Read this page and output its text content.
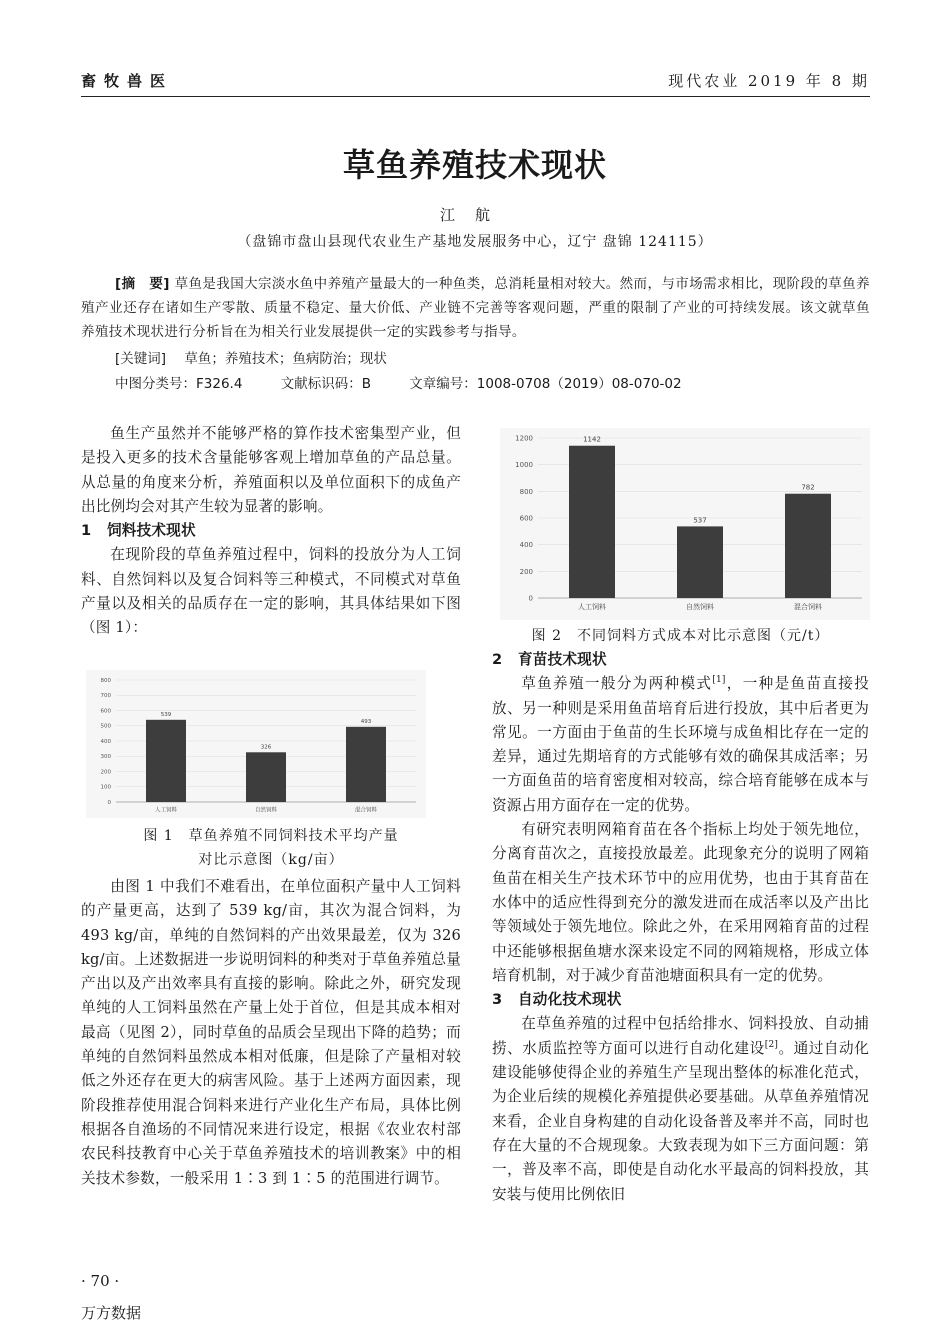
畜牧兽医	现代农业 2019 年 8 期
草鱼养殖技术现状
江航
（盘锦市盘山县现代农业生产基地发展服务中心，辽宁 盘锦 124115）
[摘　要] 草鱼是我国大宗淡水鱼中养殖产量最大的一种鱼类，总消耗量相对较大。然而，与市场需求相比，现阶段的草鱼养殖产业还存在诸如生产零散、质量不稳定、量大价低、产业链不完善等客观问题，严重的限制了产业的可持续发展。该文就草鱼养殖技术现状进行分析旨在为相关行业发展提供一定的实践参考与指导。
[关键词] 草鱼；养殖技术；鱼病防治；现状
中图分类号：F326.4	文献标识码：B	文章编号：1008-0708（2019）08-070-02

鱼生产虽然并不能够严格的算作技术密集型产业，但是投入更多的技术含量能够客观上增加草鱼的产品总量。从总量的角度来分析，养殖面积以及单位面积下的成鱼产出比例均会对其产生较为显著的影响。

1 饲料技术现状

在现阶段的草鱼养殖过程中，饲料的投放分为人工饲料、自然饲料以及复合饲料等三种模式，不同模式对草鱼产量以及相关的品质存在一定的影响，其具体结果如下图（图 1）：

800
700
600
500
400
300
200
100
0
539
326
493
人工饲料	自然饲料	混合饲料
图 1　草鱼养殖不同饲料技术平均产量
对比示意图（kg/亩）

由图 1 中我们不难看出，在单位面积产量中人工饲料的产量更高，达到了 539 kg/亩，其次为混合饲料，为 493 kg/亩，单纯的自然饲料的产出效果最差，仅为 326 kg/亩。上述数据进一步说明饲料的种类对于草鱼养殖总量产出以及产出效率具有直接的影响。除此之外，研究发现单纯的人工饲料虽然在产量上处于首位，但是其成本相对最高（见图 2），同时草鱼的品质会呈现出下降的趋势；而单纯的自然饲料虽然成本相对低廉，但是除了产量相对较低之外还存在更大的病害风险。基于上述两方面因素，现阶段推荐使用混合饲料来进行产业化生产布局，具体比例根据各自渔场的不同情况来进行设定，根据《农业农村部农民科技教育中心关于草鱼养殖技术的培训教案》中的相关技术参数，一般采用 1∶3 到 1∶5 的范围进行调节。

1200
1000
800
600
400
200
0
1142
537
782
人工饲料	自然饲料	混合饲料
图 2　不同饲料方式成本对比示意图（元/t）
2 育苗技术现状

草鱼养殖一般分为两种模式[1]，一种是鱼苗直接投放、另一种则是采用鱼苗培育后进行投放，其中后者更为常见。一方面由于鱼苗的生长环境与成鱼相比存在一定的差异，通过先期培育的方式能够有效的确保其成活率；另一方面鱼苗的培育密度相对较高，综合培育能够在成本与资源占用方面存在一定的优势。

有研究表明网箱育苗在各个指标上均处于领先地位，分离育苗次之，直接投放最差。此现象充分的说明了网箱鱼苗在相关生产技术环节中的应用优势，也由于其育苗在水体中的适应性得到充分的激发进而在成活率以及产出比等领域处于领先地位。除此之外，在采用网箱育苗的过程中还能够根据鱼塘水深来设定不同的网箱规格，形成立体培育机制，对于减少育苗池塘面积具有一定的优势。

3 自动化技术现状

在草鱼养殖的过程中包括给排水、饲料投放、自动捕捞、水质监控等方面可以进行自动化建设[2]。通过自动化建设能够使得企业的养殖生产呈现出整体的标准化范式，为企业后续的规模化养殖提供必要基础。从草鱼养殖情况来看，企业自身构建的自动化设备普及率并不高，同时也存在大量的不合规现象。大致表现为如下三方面问题：第一，普及率不高，即使是自动化水平最高的饲料投放，其安装与使用比例依旧

· 70 ·
万方数据
